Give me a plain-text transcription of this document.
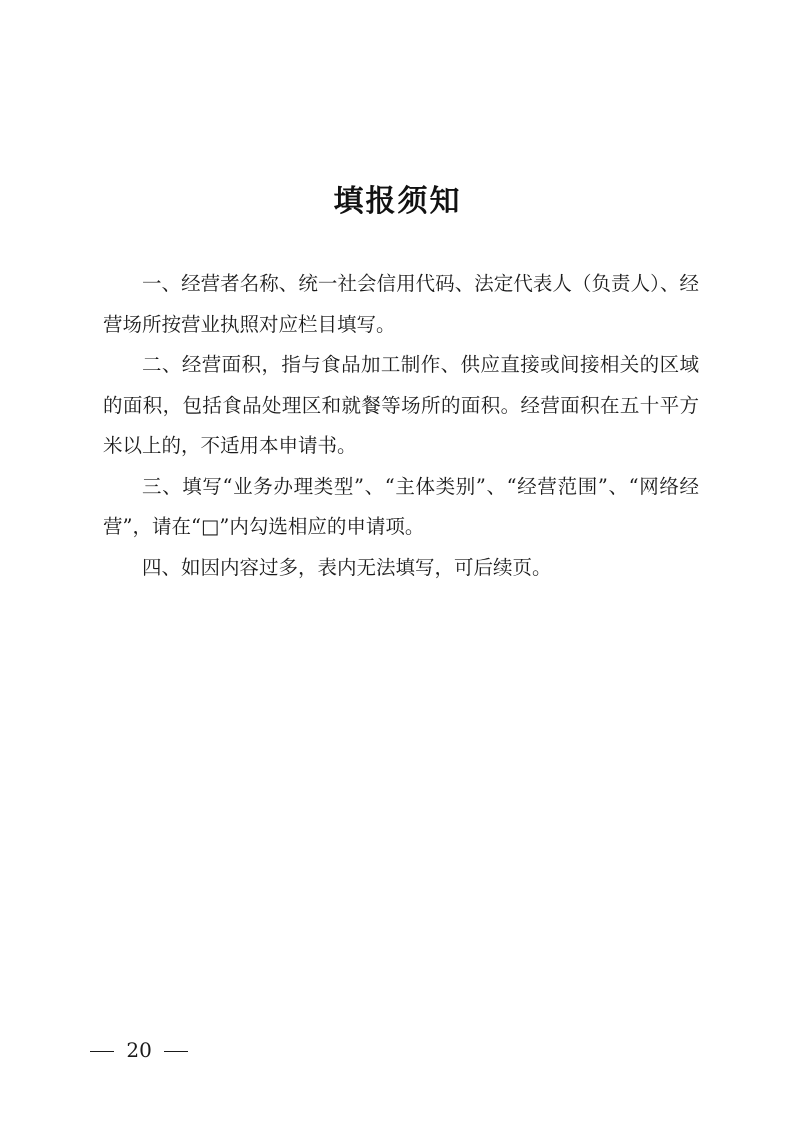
填报须知

一、经营者名称、统一社会信用代码、法定代表人（负责人）、经营场所按营业执照对应栏目填写。

二、经营面积，指与食品加工制作、供应直接或间接相关的区域的面积，包括食品处理区和就餐等场所的面积。经营面积在五十平方米以上的，不适用本申请书。

三、填写“业务办理类型”、“主体类别”、“经营范围”、“网络经营”，请在“□”内勾选相应的申请项。

四、如因内容过多，表内无法填写，可后续页。

20
